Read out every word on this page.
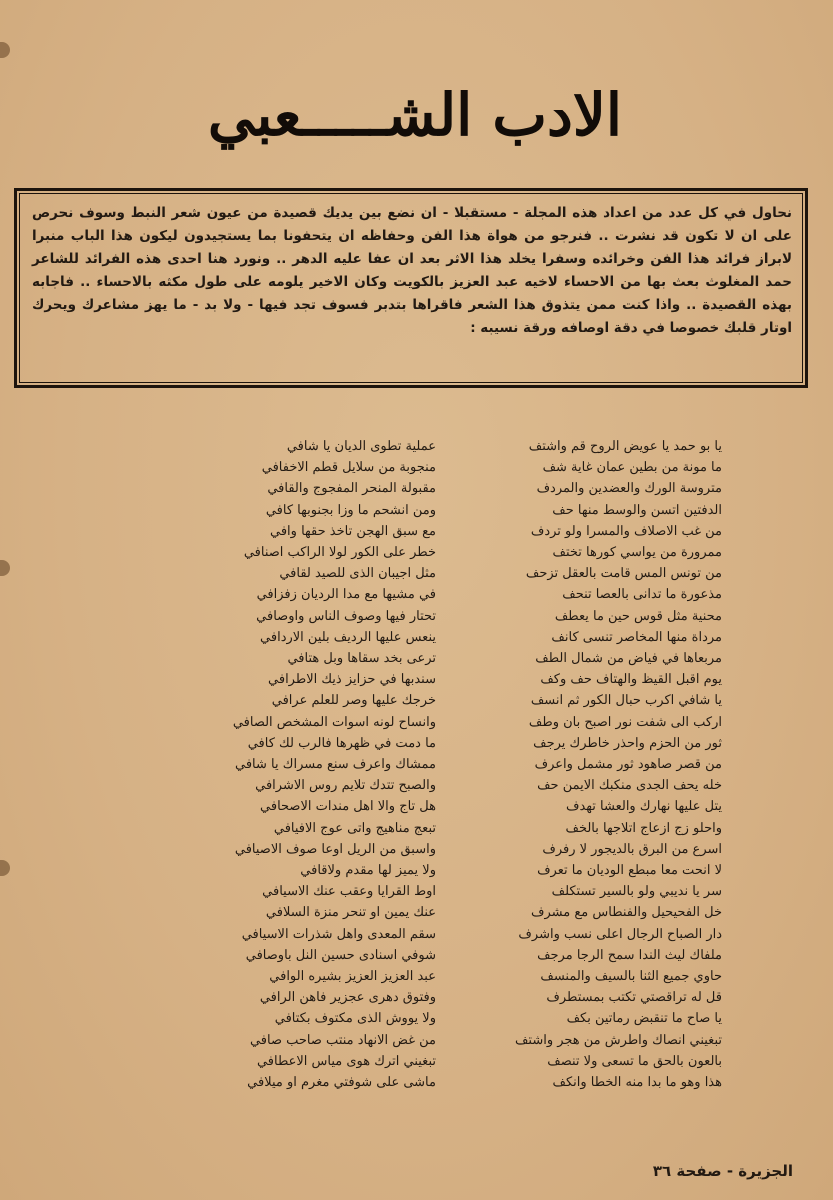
الادب الشـــــعبي

نحاول في كل عدد من اعداد هذه المجلة - مستقبلا - ان نضع بين يديك قصيدة من عيون شعر النبط وسوف نحرص على ان لا تكون قد نشرت .. فنرجو من هواة هذا الفن وحفاظه ان يتحفونا بما يستجيدون ليكون هذا الباب منبرا لابراز فرائد هذا الفن وخرائده وسفرا يخلد هذا الاثر بعد ان عفا عليه الدهر .. ونورد هنا احدى هذه الفرائد للشاعر حمد المغلوث بعث بها من الاحساء لاخيه عبد العزيز بالكويت وكان الاخير يلومه على طول مكثه بالاحساء .. فاجابه بهذه القصيدة .. واذا كنت ممن يتذوق هذا الشعر فاقراها بتدبر فسوف تجد فيها - ولا بد - ما يهز مشاعرك ويحرك اوتار قلبك خصوصا في دقة اوصافه ورقة نسيبه :

يا بو حمد يا عويض الروح قم واشتف
ما مونة من بطين عمان غاية شف
متروسة الورك والعضدين والمردف
الدفتين اتسن والوسط منها حف
من غب الاصلاف والمسرا ولو تردف
ممرورة من يواسي كورها تختف
من تونس المس قامت بالعقل تزحف
مذعورة ما تدانى بالعصا تنحف
محنية مثل قوس حين ما يعطف
مرداة منها المخاصر تنسى كانف
مربعاها في فياض من شمال الطف
يوم اقبل القيظ والهتاف حف وكف
يا شافي اكرب حبال الكور ثم انسف
اركب الى شفت نور اصبح بان وطف
ثور من الحزم واحذر خاطرك يرجف
من قصر صاهود ثور مشمل واعرف
خله يحف الجدى منكبك الايمن حف
يتل عليها نهارك والعشا تهدف
واحلو زج ازعاج اتلاجها بالخف
اسرع من البرق بالديجور لا رفرف
لا انحت معا مبطع الوديان ما تعرف
سر يا نديبي ولو بالسير تستكلف
خل الفحيحيل والفنطاس مع مشرف
دار الصباح الرجال اعلى نسب واشرف
ملفاك ليث الندا سمح الرجا مرجف
حاوي جميع الثنا بالسيف والمنسف
قل له تراقصتي تكتب بمستطرف
يا صاح ما تنقبض رماتين بكف
تبغيني انصاك واطرش من هجر واشتف
بالعون بالحق ما تسعى ولا تنصف
هذا وهو ما بدا منه الخطا وانكف
عملية تطوى الديان يا شافي
منجوبة من سلايل قطم الاخفافي
مقبولة المنحر المفجوج والقافي
ومن انشحم ما وزا بجنوبها كافي
مع سبق الهجن تاخذ حقها وافي
خطر على الكور لولا الراكب اصنافي
مثل اجيبان الذى للصيد لقافي
في مشيها مع مدا الرديان زفزافي
تحتار فيها وصوف الناس واوصافي
ينعس عليها الرديف بلين الاردافي
ترعى بخد سقاها وبل هتافي
سندبها في حزايز ذيك الاطرافي
خرجك عليها وصر للعلم عرافي
وانساح لونه اسوات المشخص الصافي
ما دمت في ظهرها فالرب لك كافي
ممشاك واعرف سنع مسراك يا شافي
والصبح تتدك تلايم روس الاشرافي
هل تاج والا اهل مندات الاصحافي
تبعج مناهيج واتى عوج الافيافي
واسبق من الريل اوعا صوف الاصيافي
ولا يميز لها مقدم ولاقافي
اوط القرايا وعقب عنك الاسيافي
عنك يمين او تنحر منزة السلافي
سقم المعدى واهل شذرات الاسيافي
شوفي اسنادى حسين النل باوصافي
عبد العزيز العزيز بشيره الوافي
وفتوق دهرى عجزير فاهن الرافي
ولا يووش الذى مكتوف بكتافي
من غض الانهاد منتب صاحب صافي
تبغيني اترك هوى مياس الاعطافي
ماشى على شوفتي مغرم او ميلافي
الجزيرة - صفحة ٣٦
